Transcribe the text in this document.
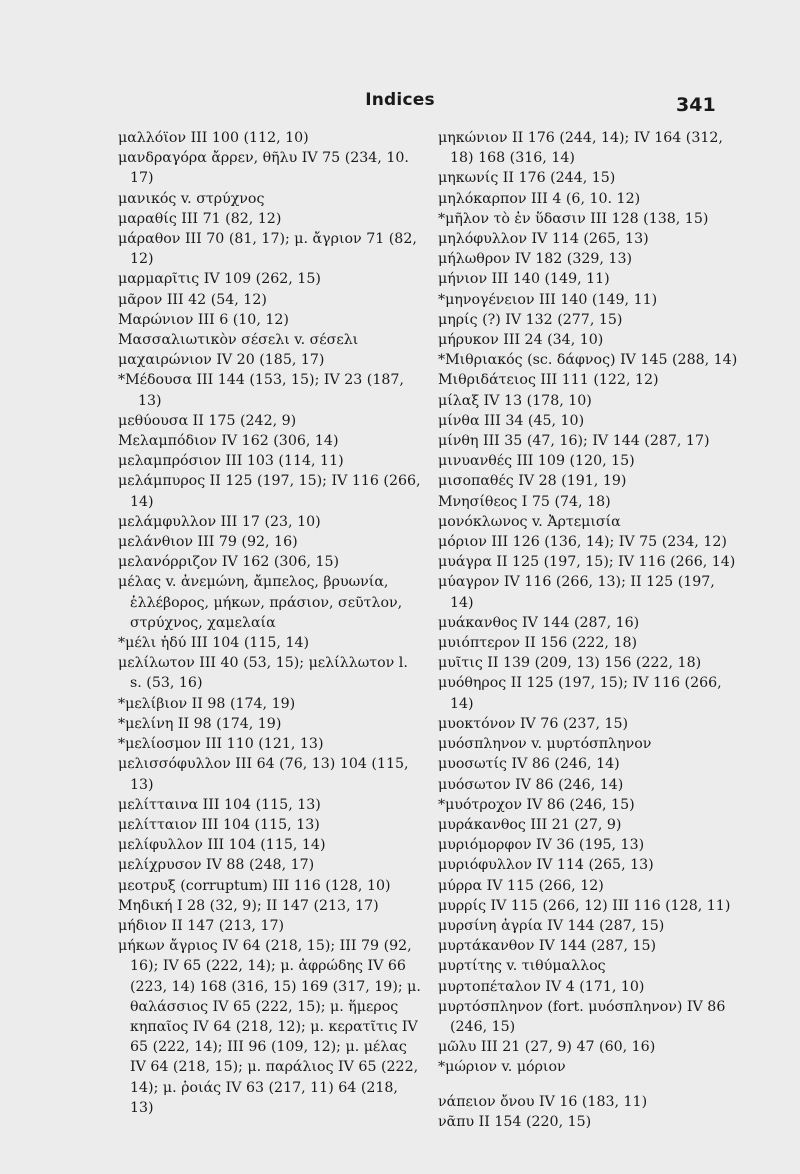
Indices	341

μαλλόϊον III 100 (112, 10)

μανδραγόρα ἄρρεν, θῆλυ IV 75 (234, 10. 17)

μανικός v. στρύχνος

μαραθίς III 71 (82, 12)

μάραθον III 70 (81, 17); μ. ἄγριον 71 (82, 12)

μαρμαρῖτις IV 109 (262, 15)

μᾶρον III 42 (54, 12)

Μαρώνιον III 6 (10, 12)

Μασσαλιωτικὸν σέσελι v. σέσελι

μαχαιρώνιον IV 20 (185, 17)

*Μέδουσα III 144 (153, 15); IV 23 (187, 13)

μεθύουσα II 175 (242, 9)

Μελαμπόδιον IV 162 (306, 14)

μελαμπρόσιον III 103 (114, 11)

μελάμπυρος II 125 (197, 15); IV 116 (266, 14)

μελάμφυλλον III 17 (23, 10)

μελάνθιον III 79 (92, 16)

μελανόρριζον IV 162 (306, 15)

μέλας v. ἀνεμώνη, ἄμπελος, βρυωνία, ἑλλέβορος, μήκων, πράσιον, σεῦτλον, στρύχνος, χαμελαία

*μέλι ἡδύ III 104 (115, 14)

μελίλωτον III 40 (53, 15); μελίλλωτον l. s. (53, 16)

*μελίβιον II 98 (174, 19)

*μελίνη II 98 (174, 19)

*μελίοσμον III 110 (121, 13)

μελισσόφυλλον III 64 (76, 13) 104 (115, 13)

μελίτταινα III 104 (115, 13)

μελίτταιον III 104 (115, 13)

μελίφυλλον III 104 (115, 14)

μελίχρυσον IV 88 (248, 17)

μεοτρυξ (corruptum) III 116 (128, 10)

Μηδική I 28 (32, 9); II 147 (213, 17)

μήδιον II 147 (213, 17)

μήκων ἄγριος IV 64 (218, 15); III 79 (92, 16); IV 65 (222, 14); μ. ἀφρώδης IV 66 (223, 14) 168 (316, 15) 169 (317, 19); μ. θαλάσσιος IV 65 (222, 15); μ. ἥμερος κηπαῖος IV 64 (218, 12); μ. κερατῖτις IV 65 (222, 14); III 96 (109, 12); μ. μέλας IV 64 (218, 15); μ. παράλιος IV 65 (222, 14); μ. ῥοιάς IV 63 (217, 11) 64 (218, 13)

μηκώνιον II 176 (244, 14); IV 164 (312, 18) 168 (316, 14)

μηκωνίς II 176 (244, 15)

μηλόκαρπον III 4 (6, 10. 12)

*μῆλον τὸ ἐν ὕδασιν III 128 (138, 15)

μηλόφυλλον IV 114 (265, 13)

μήλωθρον IV 182 (329, 13)

μήνιον III 140 (149, 11)

*μηνογένειον III 140 (149, 11)

μηρίς (?) IV 132 (277, 15)

μήρυκον III 24 (34, 10)

*Μιθριακός (sc. δάφνος) IV 145 (288, 14)

Μιθριδάτειος III 111 (122, 12)

μίλαξ IV 13 (178, 10)

μίνθα III 34 (45, 10)

μίνθη III 35 (47, 16); IV 144 (287, 17)

μινυανθές III 109 (120, 15)

μισοπαθές IV 28 (191, 19)

Μνησίθεος I 75 (74, 18)

μονόκλωνος v. Ἀρτεμισία

μόριον III 126 (136, 14); IV 75 (234, 12)

μυάγρα II 125 (197, 15); IV 116 (266, 14)

μύαγρον IV 116 (266, 13); II 125 (197, 14)

μυάκανθος IV 144 (287, 16)

μυιόπτερον II 156 (222, 18)

μυῖτις II 139 (209, 13) 156 (222, 18)

μυόθηρος II 125 (197, 15); IV 116 (266, 14)

μυοκτόνον IV 76 (237, 15)

μυόσπληνον v. μυρτόσπληνον

μυοσωτίς IV 86 (246, 14)

μυόσωτον IV 86 (246, 14)

*μυότροχον IV 86 (246, 15)

μυράκανθος III 21 (27, 9)

μυριόμορφον IV 36 (195, 13)

μυριόφυλλον IV 114 (265, 13)

μύρρα IV 115 (266, 12)

μυρρίς IV 115 (266, 12) III 116 (128, 11)

μυρσίνη ἀγρία IV 144 (287, 15)

μυρτάκανθον IV 144 (287, 15)

μυρτίτης v. τιθύμαλλος

μυρτοπέταλον IV 4 (171, 10)

μυρτόσπληνον (fort. μυόσπληνον) IV 86 (246, 15)

μῶλυ III 21 (27, 9) 47 (60, 16)

*μώριον v. μόριον

νάπειον ὄνου IV 16 (183, 11)

νᾶπυ II 154 (220, 15)
